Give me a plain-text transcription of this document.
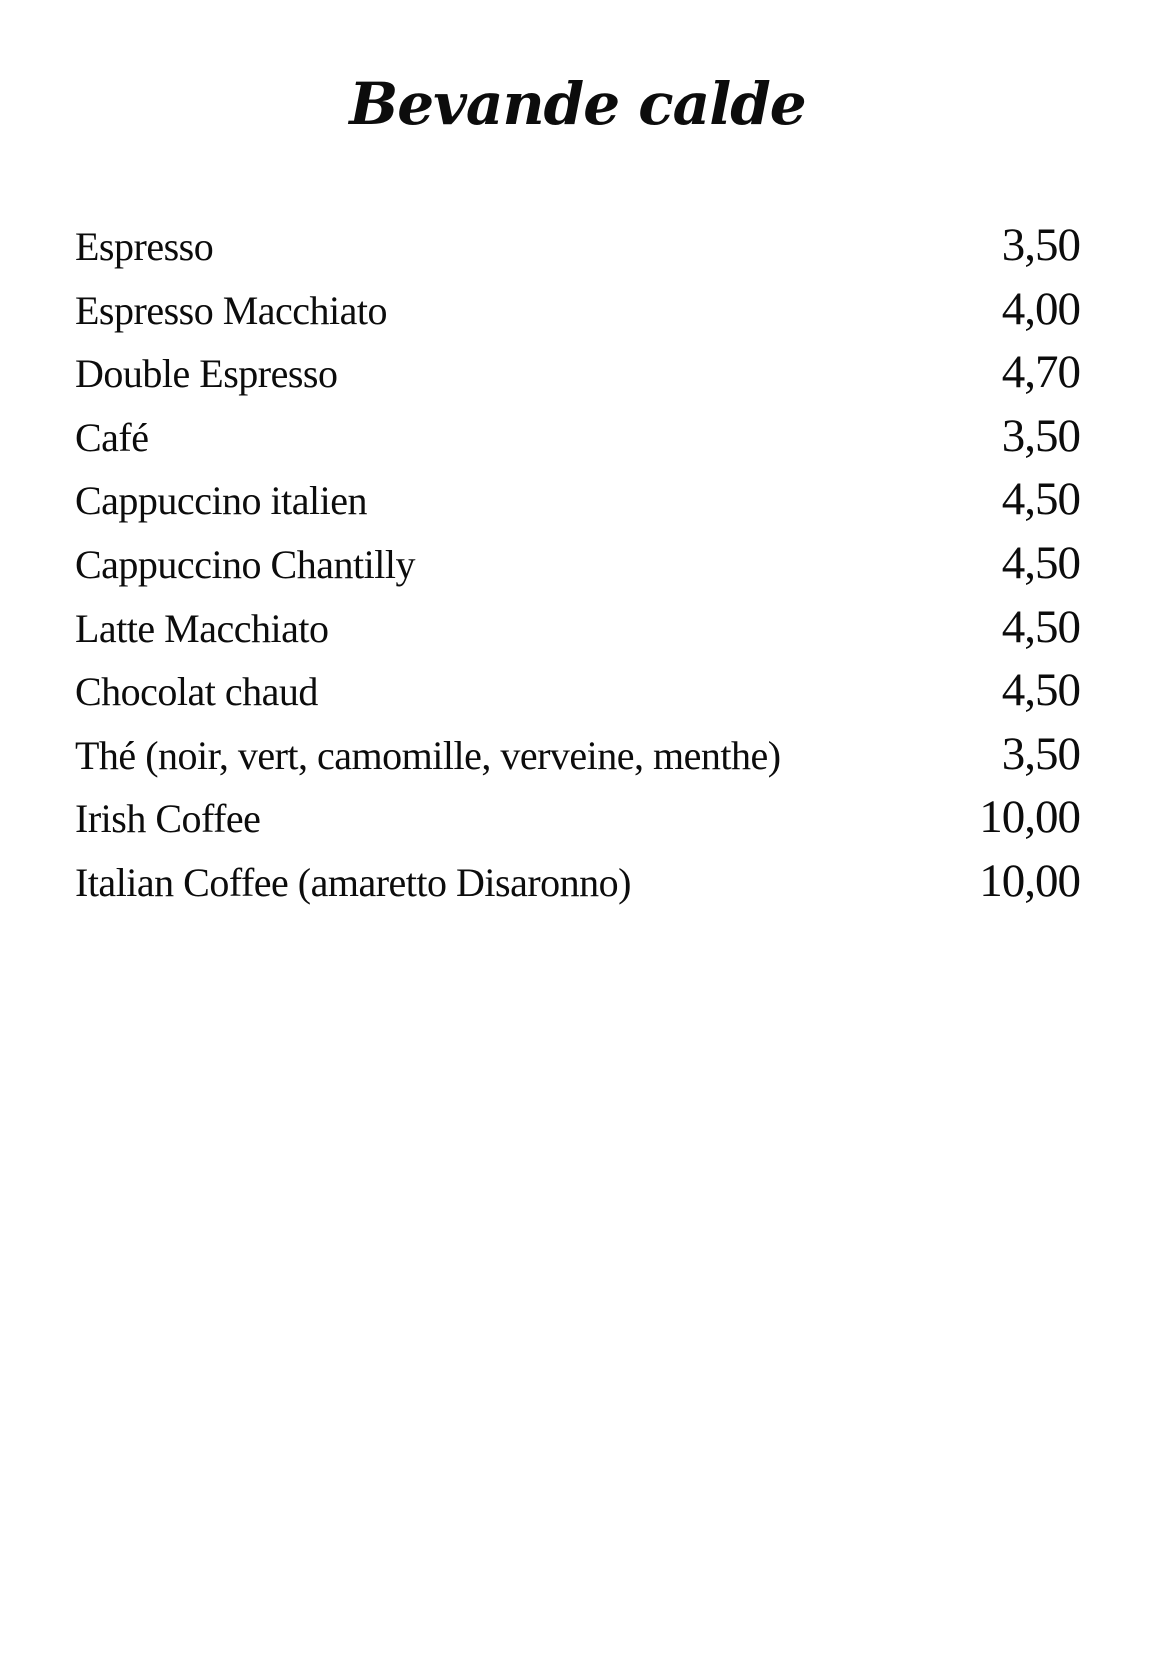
Bevande calde
Espresso	3,50
Espresso Macchiato	4,00
Double Espresso	4,70
Café	3,50
Cappuccino italien	4,50
Cappuccino Chantilly	4,50
Latte Macchiato	4,50
Chocolat chaud	4,50
Thé (noir, vert, camomille, verveine, menthe)	3,50
Irish Coffee	10,00
Italian Coffee (amaretto Disaronno)	10,00
